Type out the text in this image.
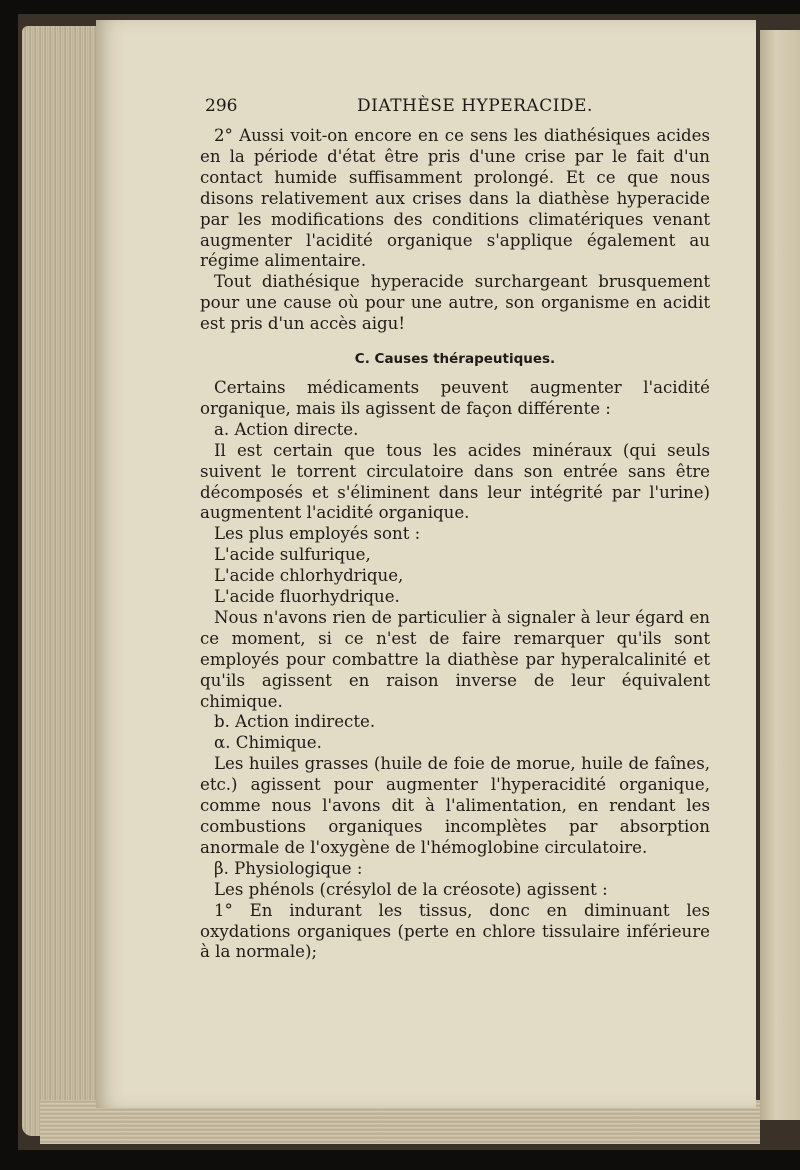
296	DIATHÈSE HYPERACIDE.

2° Aussi voit-on encore en ce sens les diathésiques acides en la période d'état être pris d'une crise par le fait d'un contact humide suffisamment prolongé. Et ce que nous disons relativement aux crises dans la diathèse hyperacide par les modifications des conditions climatériques venant augmenter l'acidité organique s'applique également au régime alimentaire.

Tout diathésique hyperacide surchargeant brusquement pour une cause où pour une autre, son organisme en acidit est pris d'un accès aigu!

C. Causes thérapeutiques.

Certains médicaments peuvent augmenter l'acidité organique, mais ils agissent de façon différente :

a. Action directe.

Il est certain que tous les acides minéraux (qui seuls suivent le torrent circulatoire dans son entrée sans être décomposés et s'éliminent dans leur intégrité par l'urine) augmentent l'acidité organique.

Les plus employés sont :

L'acide sulfurique,

L'acide chlorhydrique,

L'acide fluorhydrique.

Nous n'avons rien de particulier à signaler à leur égard en ce moment, si ce n'est de faire remarquer qu'ils sont employés pour combattre la diathèse par hyperalcalinité et qu'ils agissent en raison inverse de leur équivalent chimique.

b. Action indirecte.

α. Chimique.

Les huiles grasses (huile de foie de morue, huile de faînes, etc.) agissent pour augmenter l'hyperacidité organique, comme nous l'avons dit à l'alimentation, en rendant les combustions organiques incomplètes par absorption anormale de l'oxygène de l'hémoglobine circulatoire.

β. Physiologique :

Les phénols (crésylol de la créosote) agissent :

1° En indurant les tissus, donc en diminuant les oxydations organiques (perte en chlore tissulaire inférieure à la normale);
